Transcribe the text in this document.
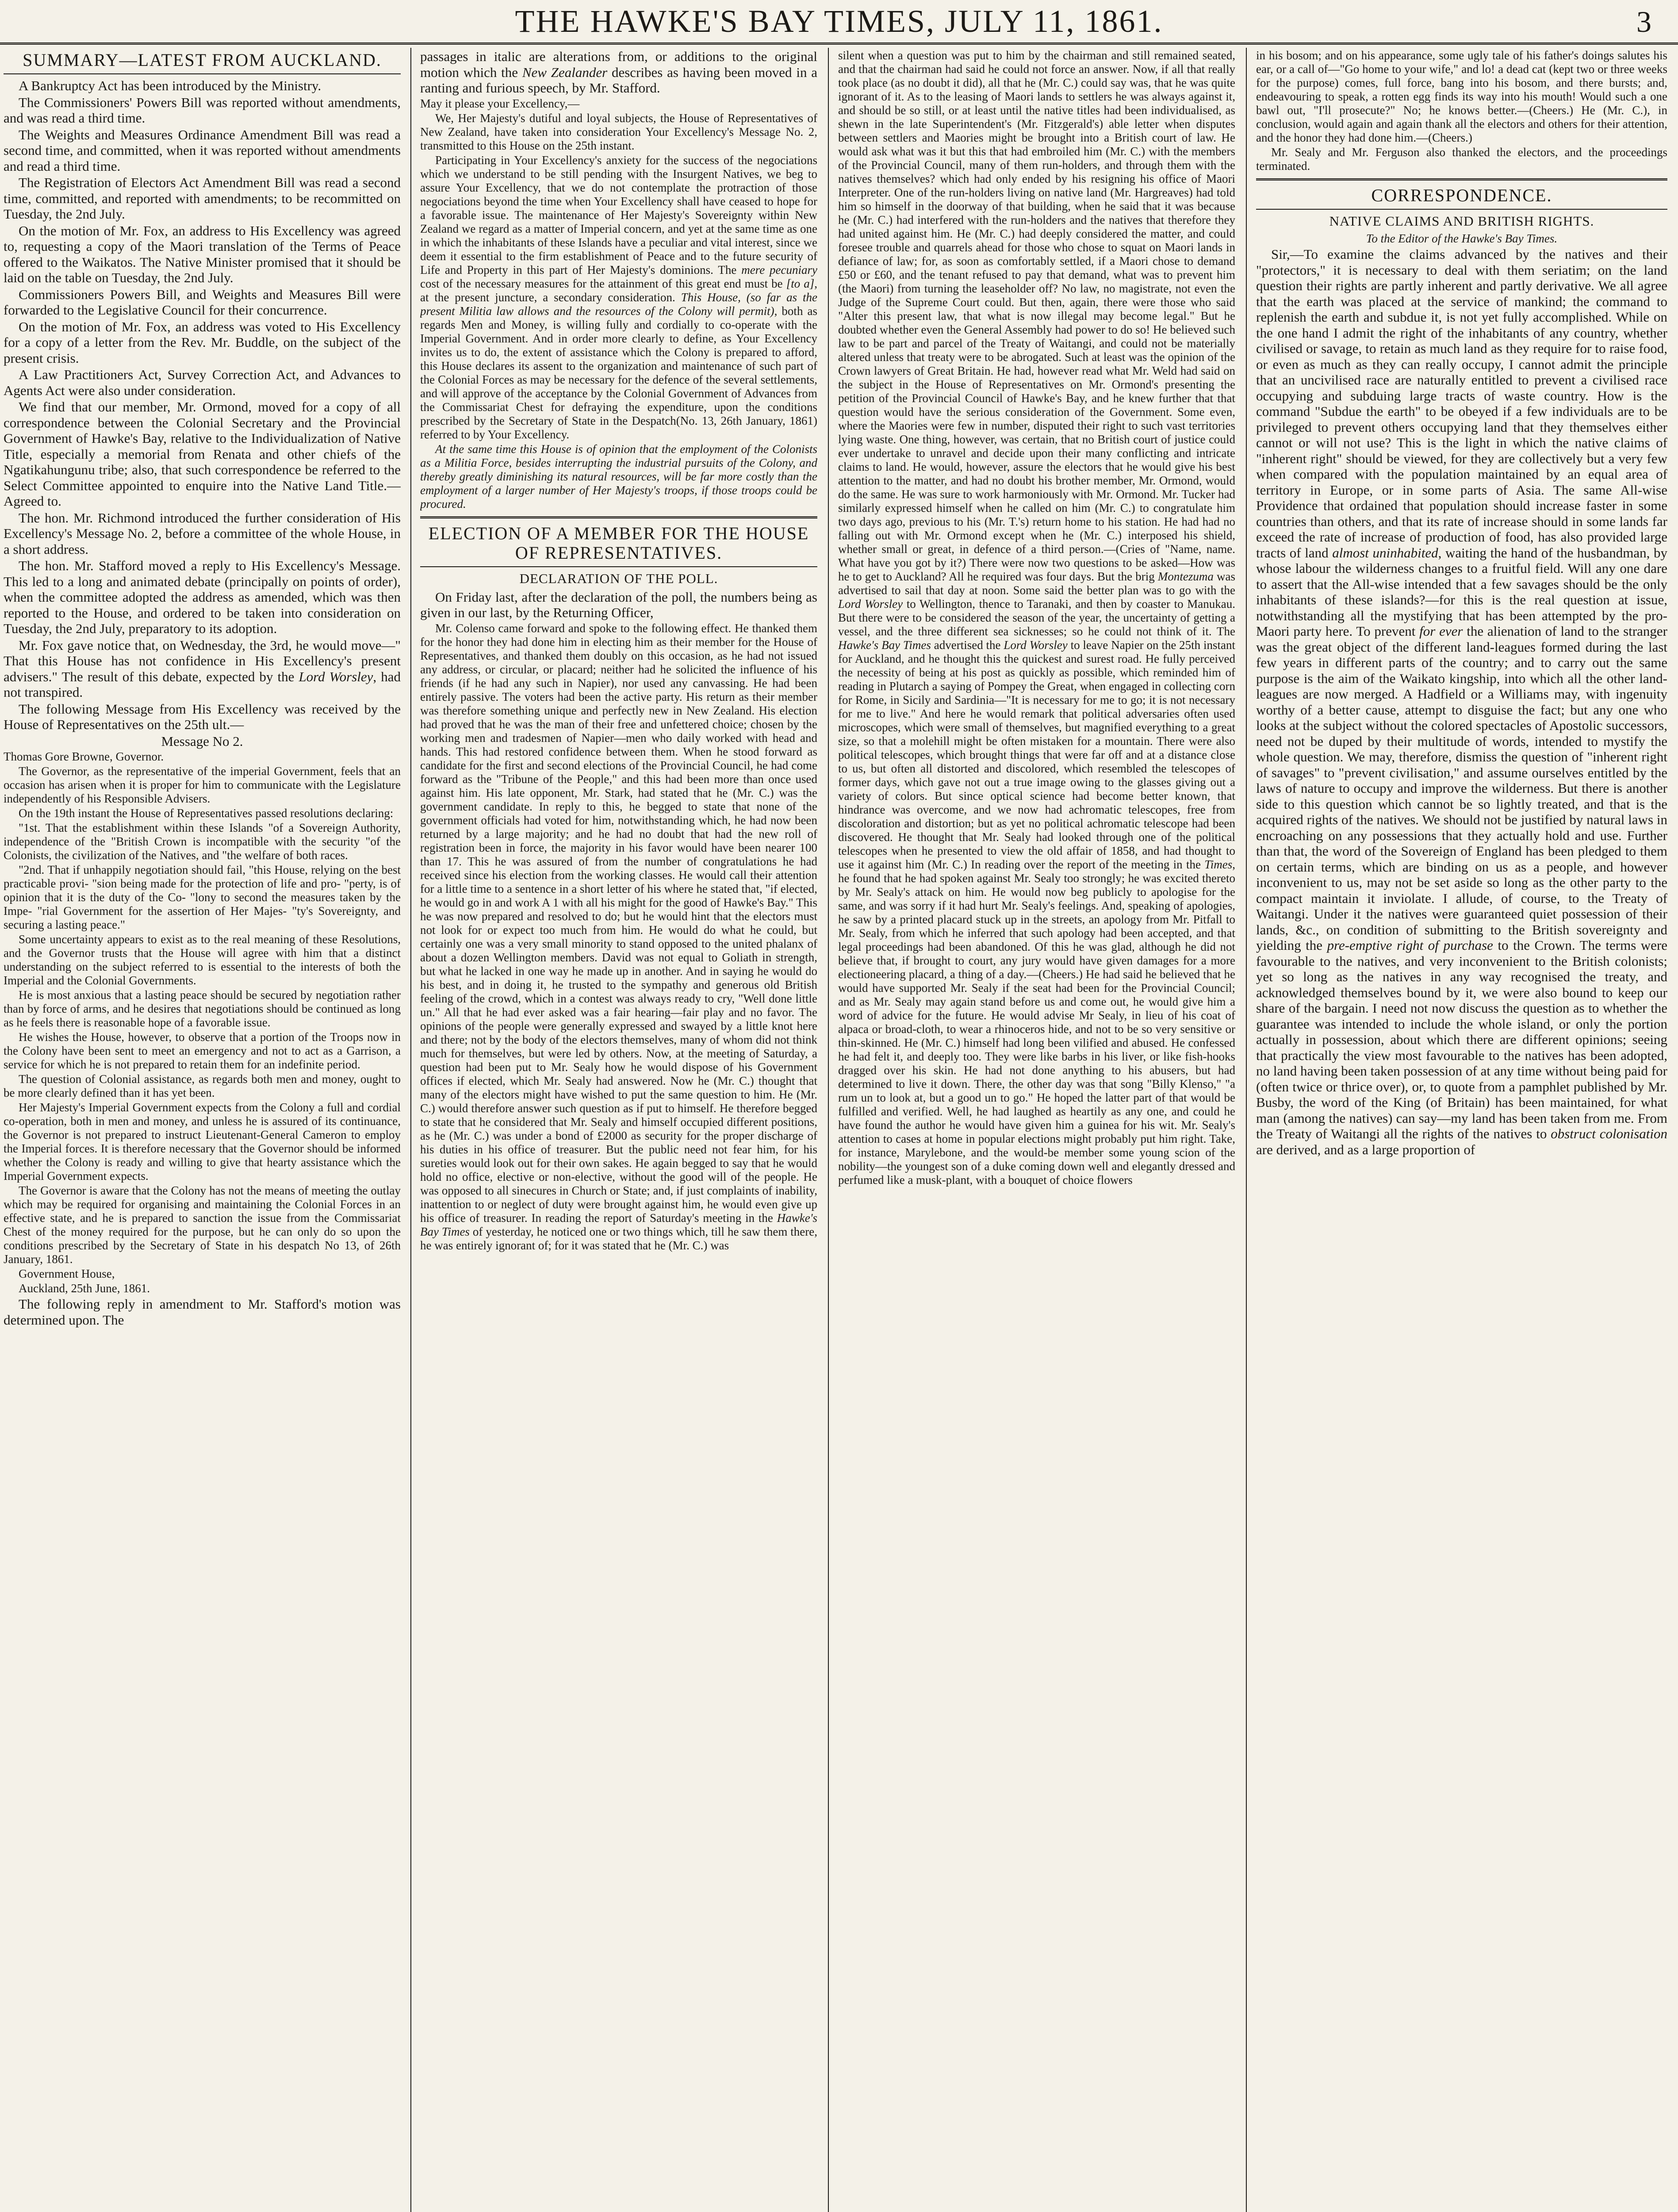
THE HAWKE'S BAY TIMES, JULY 11, 1861.	3
SUMMARY—LATEST FROM AUCKLAND.

A Bankruptcy Act has been introduced by the Ministry.

The Commissioners' Powers Bill was reported without amendments, and was read a third time.

The Weights and Measures Ordinance Amendment Bill was read a second time, and committed, when it was reported without amendments and read a third time.

The Registration of Electors Act Amendment Bill was read a second time, committed, and reported with amendments; to be recommitted on Tuesday, the 2nd July.

On the motion of Mr. Fox, an address to His Excellency was agreed to, requesting a copy of the Maori translation of the Terms of Peace offered to the Waikatos. The Native Minister promised that it should be laid on the table on Tuesday, the 2nd July.

Commissioners Powers Bill, and Weights and Measures Bill were forwarded to the Legislative Council for their concurrence.

On the motion of Mr. Fox, an address was voted to His Excellency for a copy of a letter from the Rev. Mr. Buddle, on the subject of the present crisis.

A Law Practitioners Act, Survey Correction Act, and Advances to Agents Act were also under consideration.

We find that our member, Mr. Ormond, moved for a copy of all correspondence between the Colonial Secretary and the Provincial Government of Hawke's Bay, relative to the Individualization of Native Title, especially a memorial from Renata and other chiefs of the Ngatikahungunu tribe; also, that such correspondence be referred to the Select Committee appointed to enquire into the Native Land Title.—Agreed to.

The hon. Mr. Richmond introduced the further consideration of His Excellency's Message No. 2, before a committee of the whole House, in a short address.

The hon. Mr. Stafford moved a reply to His Excellency's Message. This led to a long and animated debate (principally on points of order), when the committee adopted the address as amended, which was then reported to the House, and ordered to be taken into consideration on Tuesday, the 2nd July, preparatory to its adoption.

Mr. Fox gave notice that, on Wednesday, the 3rd, he would move—" That this House has not confidence in His Excellency's present advisers." The result of this debate, expected by the Lord Worsley, had not transpired.

The following Message from His Excellency was received by the House of Representatives on the 25th ult.—

Message No 2.

Thomas Gore Browne, Governor.

The Governor, as the representative of the imperial Government, feels that an occasion has arisen when it is proper for him to communicate with the Legislature independently of his Responsible Advisers.

On the 19th instant the House of Representatives passed resolutions declaring:

"1st. That the establishment within these Islands "of a Sovereign Authority, independence of the "British Crown is incompatible with the security "of the Colonists, the civilization of the Natives, and "the welfare of both races.

"2nd. That if unhappily negotiation should fail, "this House, relying on the best practicable provi- "sion being made for the protection of life and pro- "perty, is of opinion that it is the duty of the Co- "lony to second the measures taken by the Impe- "rial Government for the assertion of Her Majes- "ty's Sovereignty, and securing a lasting peace."

Some uncertainty appears to exist as to the real meaning of these Resolutions, and the Governor trusts that the House will agree with him that a distinct understanding on the subject referred to is essential to the interests of both the Imperial and the Colonial Governments.

He is most anxious that a lasting peace should be secured by negotiation rather than by force of arms, and he desires that negotiations should be continued as long as he feels there is reasonable hope of a favorable issue.

He wishes the House, however, to observe that a portion of the Troops now in the Colony have been sent to meet an emergency and not to act as a Garrison, a service for which he is not prepared to retain them for an indefinite period.

The question of Colonial assistance, as regards both men and money, ought to be more clearly defined than it has yet been.

Her Majesty's Imperial Government expects from the Colony a full and cordial co-operation, both in men and money, and unless he is assured of its continuance, the Governor is not prepared to instruct Lieutenant-General Cameron to employ the Imperial forces. It is therefore necessary that the Governor should be informed whether the Colony is ready and willing to give that hearty assistance which the Imperial Government expects.

The Governor is aware that the Colony has not the means of meeting the outlay which may be required for organising and maintaining the Colonial Forces in an effective state, and he is prepared to sanction the issue from the Commissariat Chest of the money required for the purpose, but he can only do so upon the conditions prescribed by the Secretary of State in his despatch No 13, of 26th January, 1861.

Government House,

Auckland, 25th June, 1861.

The following reply in amendment to Mr. Stafford's motion was determined upon. The

passages in italic are alterations from, or additions to the original motion which the New Zealander describes as having been moved in a ranting and furious speech, by Mr. Stafford.

May it please your Excellency,—

We, Her Majesty's dutiful and loyal subjects, the House of Representatives of New Zealand, have taken into consideration Your Excellency's Message No. 2, transmitted to this House on the 25th instant.

Participating in Your Excellency's anxiety for the success of the negociations which we understand to be still pending with the Insurgent Natives, we beg to assure Your Excellency, that we do not contemplate the protraction of those negociations beyond the time when Your Excellency shall have ceased to hope for a favorable issue. The maintenance of Her Majesty's Sovereignty within New Zealand we regard as a matter of Imperial concern, and yet at the same time as one in which the inhabitants of these Islands have a peculiar and vital interest, since we deem it essential to the firm establishment of Peace and to the future security of Life and Property in this part of Her Majesty's dominions. The mere pecuniary cost of the necessary measures for the attainment of this great end must be [to a], at the present juncture, a secondary consideration. This House, (so far as the present Militia law allows and the resources of the Colony will permit), both as regards Men and Money, is willing fully and cordially to co-operate with the Imperial Government. And in order more clearly to define, as Your Excellency invites us to do, the extent of assistance which the Colony is prepared to afford, this House declares its assent to the organization and maintenance of such part of the Colonial Forces as may be necessary for the defence of the several settlements, and will approve of the acceptance by the Colonial Government of Advances from the Commissariat Chest for defraying the expenditure, upon the conditions prescribed by the Secretary of State in the Despatch(No. 13, 26th January, 1861) referred to by Your Excellency.

At the same time this House is of opinion that the employment of the Colonists as a Militia Force, besides interrupting the industrial pursuits of the Colony, and thereby greatly diminishing its natural resources, will be far more costly than the employment of a larger number of Her Majesty's troops, if those troops could be procured.

ELECTION OF A MEMBER FOR THE HOUSE OF REPRESENTATIVES.
DECLARATION OF THE POLL.

On Friday last, after the declaration of the poll, the numbers being as given in our last, by the Returning Officer,

Mr. Colenso came forward and spoke to the following effect. He thanked them for the honor they had done him in electing him as their member for the House of Representatives, and thanked them doubly on this occasion, as he had not issued any address, or circular, or placard; neither had he solicited the influence of his friends (if he had any such in Napier), nor used any canvassing. He had been entirely passive. The voters had been the active party. His return as their member was therefore something unique and perfectly new in New Zealand. His election had proved that he was the man of their free and unfettered choice; chosen by the working men and tradesmen of Napier—men who daily worked with head and hands. This had restored confidence between them. When he stood forward as candidate for the first and second elections of the Provincial Council, he had come forward as the "Tribune of the People," and this had been more than once used against him. His late opponent, Mr. Stark, had stated that he (Mr. C.) was the government candidate. In reply to this, he begged to state that none of the government officials had voted for him, notwithstanding which, he had now been returned by a large majority; and he had no doubt that had the new roll of registration been in force, the majority in his favor would have been nearer 100 than 17. This he was assured of from the number of congratulations he had received since his election from the working classes. He would call their attention for a little time to a sentence in a short letter of his where he stated that, "if elected, he would go in and work A 1 with all his might for the good of Hawke's Bay." This he was now prepared and resolved to do; but he would hint that the electors must not look for or expect too much from him. He would do what he could, but certainly one was a very small minority to stand opposed to the united phalanx of about a dozen Wellington members. David was not equal to Goliath in strength, but what he lacked in one way he made up in another. And in saying he would do his best, and in doing it, he trusted to the sympathy and generous old British feeling of the crowd, which in a contest was always ready to cry, "Well done little un." All that he had ever asked was a fair hearing—fair play and no favor. The opinions of the people were generally expressed and swayed by a little knot here and there; not by the body of the electors themselves, many of whom did not think much for themselves, but were led by others. Now, at the meeting of Saturday, a question had been put to Mr. Sealy how he would dispose of his Government offices if elected, which Mr. Sealy had answered. Now he (Mr. C.) thought that many of the electors might have wished to put the same question to him. He (Mr. C.) would therefore answer such question as if put to himself. He therefore begged to state that he considered that Mr. Sealy and himself occupied different positions, as he (Mr. C.) was under a bond of £2000 as security for the proper discharge of his duties in his office of treasurer. But the public need not fear him, for his sureties would look out for their own sakes. He again begged to say that he would hold no office, elective or non-elective, without the good will of the people. He was opposed to all sinecures in Church or State; and, if just complaints of inability, inattention to or neglect of duty were brought against him, he would even give up his office of treasurer. In reading the report of Saturday's meeting in the Hawke's Bay Times of yesterday, he noticed one or two things which, till he saw them there, he was entirely ignorant of; for it was stated that he (Mr. C.) was

silent when a question was put to him by the chairman and still remained seated, and that the chairman had said he could not force an answer. Now, if all that really took place (as no doubt it did), all that he (Mr. C.) could say was, that he was quite ignorant of it. As to the leasing of Maori lands to settlers he was always against it, and should be so still, or at least until the native titles had been individualised, as shewn in the late Superintendent's (Mr. Fitzgerald's) able letter when disputes between settlers and Maories might be brought into a British court of law. He would ask what was it but this that had embroiled him (Mr. C.) with the members of the Provincial Council, many of them run-holders, and through them with the natives themselves? which had only ended by his resigning his office of Maori Interpreter. One of the run-holders living on native land (Mr. Hargreaves) had told him so himself in the doorway of that building, when he said that it was because he (Mr. C.) had interfered with the run-holders and the natives that therefore they had united against him. He (Mr. C.) had deeply considered the matter, and could foresee trouble and quarrels ahead for those who chose to squat on Maori lands in defiance of law; for, as soon as comfortably settled, if a Maori chose to demand £50 or £60, and the tenant refused to pay that demand, what was to prevent him (the Maori) from turning the leaseholder off? No law, no magistrate, not even the Judge of the Supreme Court could. But then, again, there were those who said "Alter this present law, that what is now illegal may become legal." But he doubted whether even the General Assembly had power to do so! He believed such law to be part and parcel of the Treaty of Waitangi, and could not be materially altered unless that treaty were to be abrogated. Such at least was the opinion of the Crown lawyers of Great Britain. He had, however read what Mr. Weld had said on the subject in the House of Representatives on Mr. Ormond's presenting the petition of the Provincial Council of Hawke's Bay, and he knew further that that question would have the serious consideration of the Government. Some even, where the Maories were few in number, disputed their right to such vast territories lying waste. One thing, however, was certain, that no British court of justice could ever undertake to unravel and decide upon their many conflicting and intricate claims to land. He would, however, assure the electors that he would give his best attention to the matter, and had no doubt his brother member, Mr. Ormond, would do the same. He was sure to work harmoniously with Mr. Ormond. Mr. Tucker had similarly expressed himself when he called on him (Mr. C.) to congratulate him two days ago, previous to his (Mr. T.'s) return home to his station. He had had no falling out with Mr. Ormond except when he (Mr. C.) interposed his shield, whether small or great, in defence of a third person.—(Cries of "Name, name. What have you got by it?) There were now two questions to be asked—How was he to get to Auckland? All he required was four days. But the brig Montezuma was advertised to sail that day at noon. Some said the better plan was to go with the Lord Worsley to Wellington, thence to Taranaki, and then by coaster to Manukau. But there were to be considered the season of the year, the uncertainty of getting a vessel, and the three different sea sicknesses; so he could not think of it. The Hawke's Bay Times advertised the Lord Worsley to leave Napier on the 25th instant for Auckland, and he thought this the quickest and surest road. He fully perceived the necessity of being at his post as quickly as possible, which reminded him of reading in Plutarch a saying of Pompey the Great, when engaged in collecting corn for Rome, in Sicily and Sardinia—"It is necessary for me to go; it is not necessary for me to live." And here he would remark that political adversaries often used microscopes, which were small of themselves, but magnified everything to a great size, so that a molehill might be often mistaken for a mountain. There were also political telescopes, which brought things that were far off and at a distance close to us, but often all distorted and discolored, which resembled the telescopes of former days, which gave not out a true image owing to the glasses giving out a variety of colors. But since optical science had become better known, that hindrance was overcome, and we now had achromatic telescopes, free from discoloration and distortion; but as yet no political achromatic telescope had been discovered. He thought that Mr. Sealy had looked through one of the political telescopes when he presented to view the old affair of 1858, and had thought to use it against him (Mr. C.) In reading over the report of the meeting in the Times, he found that he had spoken against Mr. Sealy too strongly; he was excited thereto by Mr. Sealy's attack on him. He would now beg publicly to apologise for the same, and was sorry if it had hurt Mr. Sealy's feelings. And, speaking of apologies, he saw by a printed placard stuck up in the streets, an apology from Mr. Pitfall to Mr. Sealy, from which he inferred that such apology had been accepted, and that legal proceedings had been abandoned. Of this he was glad, although he did not believe that, if brought to court, any jury would have given damages for a more electioneering placard, a thing of a day.—(Cheers.) He had said he believed that he would have supported Mr. Sealy if the seat had been for the Provincial Council; and as Mr. Sealy may again stand before us and come out, he would give him a word of advice for the future. He would advise Mr Sealy, in lieu of his coat of alpaca or broad-cloth, to wear a rhinoceros hide, and not to be so very sensitive or thin-skinned. He (Mr. C.) himself had long been vilified and abused. He confessed he had felt it, and deeply too. They were like barbs in his liver, or like fish-hooks dragged over his skin. He had not done anything to his abusers, but had determined to live it down. There, the other day was that song "Billy Klenso," "a rum un to look at, but a good un to go." He hoped the latter part of that would be fulfilled and verified. Well, he had laughed as heartily as any one, and could he have found the author he would have given him a guinea for his wit. Mr. Sealy's attention to cases at home in popular elections might probably put him right. Take, for instance, Marylebone, and the would-be member some young scion of the nobility—the youngest son of a duke coming down well and elegantly dressed and perfumed like a musk-plant, with a bouquet of choice flowers

in his bosom; and on his appearance, some ugly tale of his father's doings salutes his ear, or a call of—"Go home to your wife," and lo! a dead cat (kept two or three weeks for the purpose) comes, full force, bang into his bosom, and there bursts; and, endeavouring to speak, a rotten egg finds its way into his mouth! Would such a one bawl out, "I'll prosecute?" No; he knows better.—(Cheers.) He (Mr. C.), in conclusion, would again and again thank all the electors and others for their attention, and the honor they had done him.—(Cheers.)

Mr. Sealy and Mr. Ferguson also thanked the electors, and the proceedings terminated.

CORRESPONDENCE.
NATIVE CLAIMS AND BRITISH RIGHTS.

To the Editor of the Hawke's Bay Times.

Sir,—To examine the claims advanced by the natives and their "protectors," it is necessary to deal with them seriatim; on the land question their rights are partly inherent and partly derivative. We all agree that the earth was placed at the service of mankind; the command to replenish the earth and subdue it, is not yet fully accomplished. While on the one hand I admit the right of the inhabitants of any country, whether civilised or savage, to retain as much land as they require for to raise food, or even as much as they can really occupy, I cannot admit the principle that an uncivilised race are naturally entitled to prevent a civilised race occupying and subduing large tracts of waste country. How is the command "Subdue the earth" to be obeyed if a few individuals are to be privileged to prevent others occupying land that they themselves either cannot or will not use? This is the light in which the native claims of "inherent right" should be viewed, for they are collectively but a very few when compared with the population maintained by an equal area of territory in Europe, or in some parts of Asia. The same All-wise Providence that ordained that population should increase faster in some countries than others, and that its rate of increase should in some lands far exceed the rate of increase of production of food, has also provided large tracts of land almost uninhabited, waiting the hand of the husbandman, by whose labour the wilderness changes to a fruitful field. Will any one dare to assert that the All-wise intended that a few savages should be the only inhabitants of these islands?—for this is the real question at issue, notwithstanding all the mystifying that has been attempted by the pro-Maori party here. To prevent for ever the alienation of land to the stranger was the great object of the different land-leagues formed during the last few years in different parts of the country; and to carry out the same purpose is the aim of the Waikato kingship, into which all the other land-leagues are now merged. A Hadfield or a Williams may, with ingenuity worthy of a better cause, attempt to disguise the fact; but any one who looks at the subject without the colored spectacles of Apostolic successors, need not be duped by their multitude of words, intended to mystify the whole question. We may, therefore, dismiss the question of "inherent right of savages" to "prevent civilisation," and assume ourselves entitled by the laws of nature to occupy and improve the wilderness. But there is another side to this question which cannot be so lightly treated, and that is the acquired rights of the natives. We should not be justified by natural laws in encroaching on any possessions that they actually hold and use. Further than that, the word of the Sovereign of England has been pledged to them on certain terms, which are binding on us as a people, and however inconvenient to us, may not be set aside so long as the other party to the compact maintain it inviolate. I allude, of course, to the Treaty of Waitangi. Under it the natives were guaranteed quiet possession of their lands, &c., on condition of submitting to the British sovereignty and yielding the pre-emptive right of purchase to the Crown. The terms were favourable to the natives, and very inconvenient to the British colonists; yet so long as the natives in any way recognised the treaty, and acknowledged themselves bound by it, we were also bound to keep our share of the bargain. I need not now discuss the question as to whether the guarantee was intended to include the whole island, or only the portion actually in possession, about which there are different opinions; seeing that practically the view most favourable to the natives has been adopted, no land having been taken possession of at any time without being paid for (often twice or thrice over), or, to quote from a pamphlet published by Mr. Busby, the word of the King (of Britain) has been maintained, for what man (among the natives) can say—my land has been taken from me. From the Treaty of Waitangi all the rights of the natives to obstruct colonisation are derived, and as a large proportion of
